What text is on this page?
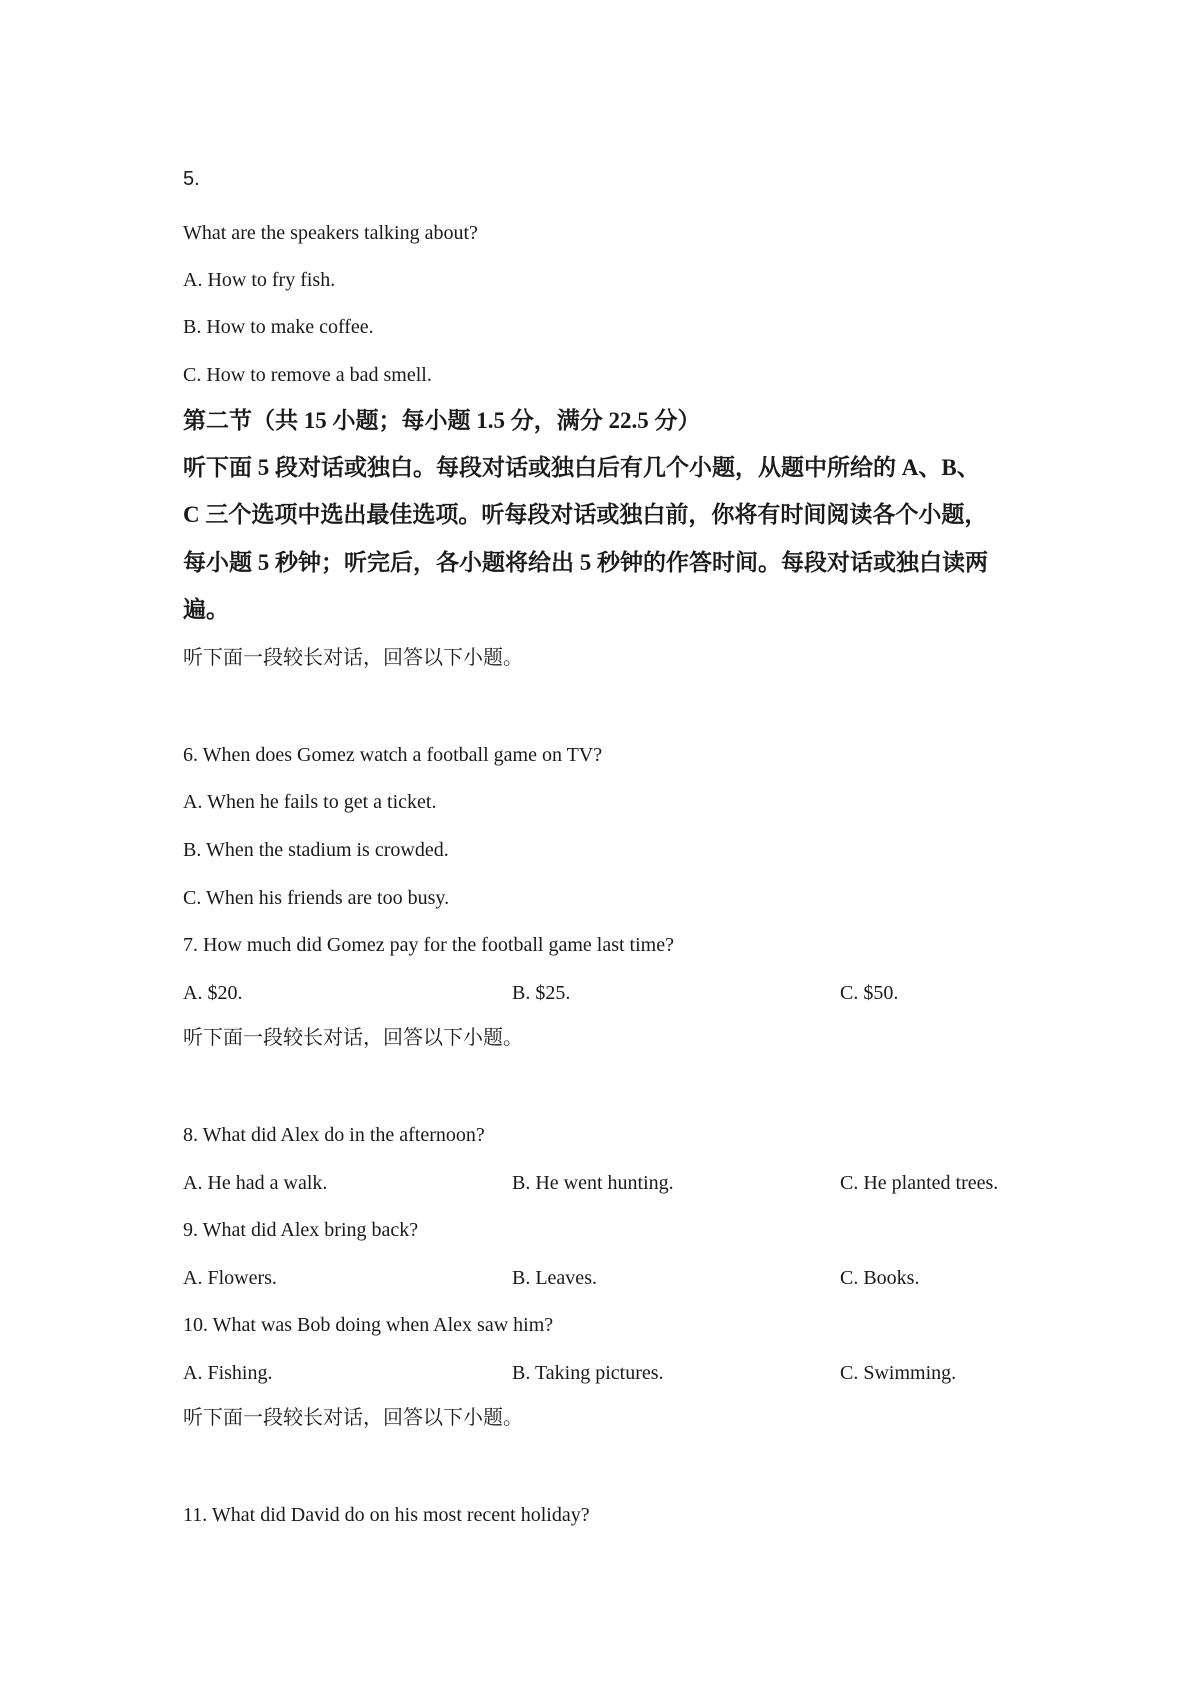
5.
What are the speakers talking about?
A. How to fry fish.
B. How to make coffee.
C. How to remove a bad smell.
第二节（共 15 小题；每小题 1.5 分，满分 22.5 分）
听下面 5 段对话或独白。每段对话或独白后有几个小题，从题中所给的 A、B、
C 三个选项中选出最佳选项。听每段对话或独白前，你将有时间阅读各个小题，
每小题 5 秒钟；听完后，各小题将给出 5 秒钟的作答时间。每段对话或独白读两
遍。
听下面一段较长对话，回答以下小题。
6. When does Gomez watch a football game on TV?
A. When he fails to get a ticket.
B. When the stadium is crowded.
C. When his friends are too busy.
7. How much did Gomez pay for the football game last time?
A. $20.	B. $25.	C. $50.
听下面一段较长对话，回答以下小题。
8. What did Alex do in the afternoon?
A. He had a walk.	B. He went hunting.	C. He planted trees.
9. What did Alex bring back?
A. Flowers.	B. Leaves.	C. Books.
10. What was Bob doing when Alex saw him?
A. Fishing.	B. Taking pictures.	C. Swimming.
听下面一段较长对话，回答以下小题。
11. What did David do on his most recent holiday?
